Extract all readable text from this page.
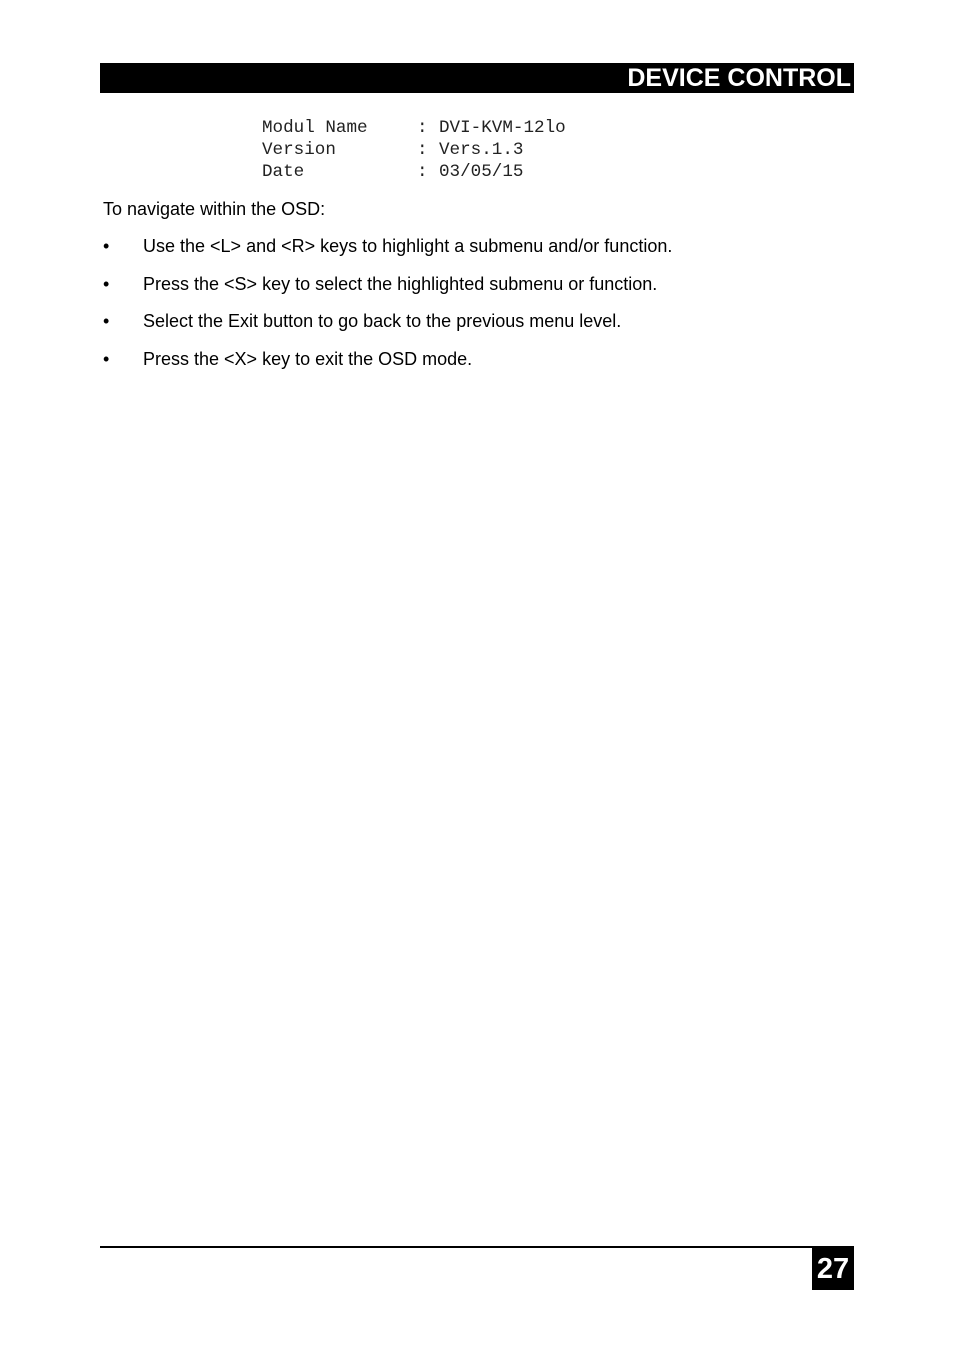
DEVICE CONTROL
Modul Name	: DVI-KVM-12lo
Version	: Vers.1.3
Date	: 03/05/15
To navigate within the OSD:
•	Use the <L> and <R> keys to highlight a submenu and/or function.
•	Press the <S> key to select the highlighted submenu or function.
•	Select the Exit button to go back to the previous menu level.
•	Press the <X> key to exit the OSD mode.
27
